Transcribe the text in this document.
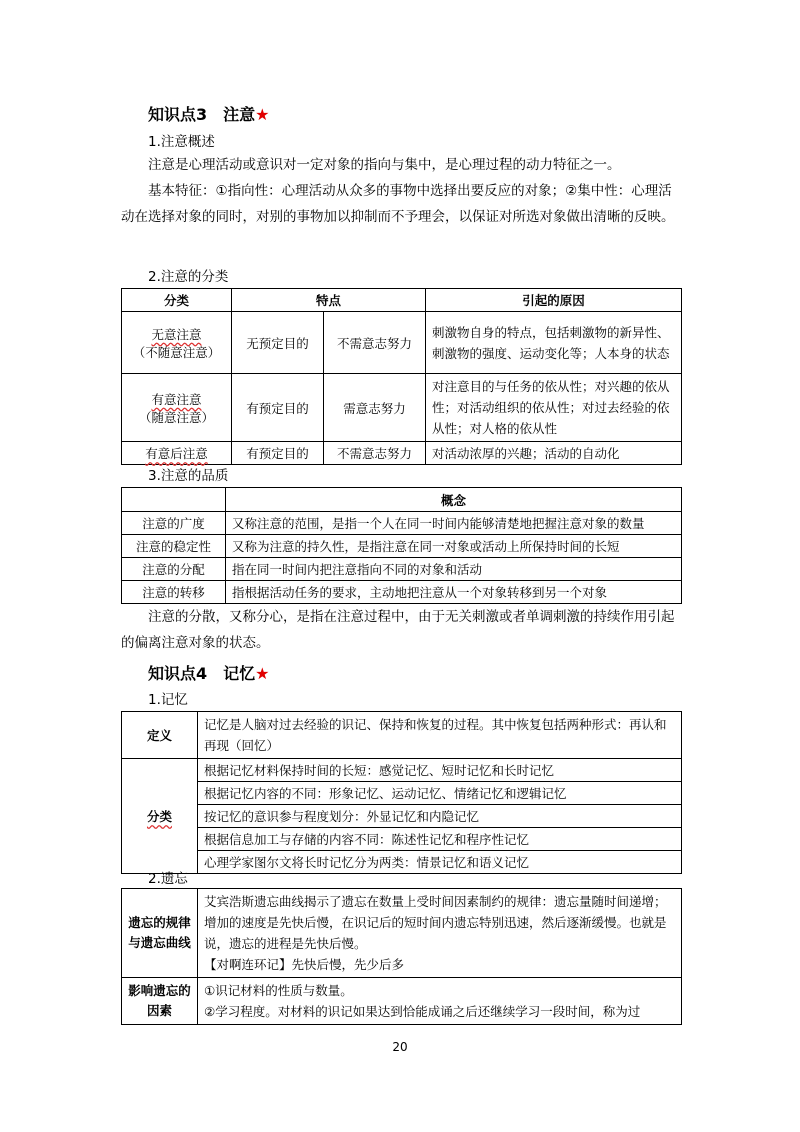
知识点3　注意★
1.注意概述
注意是心理活动或意识对一定对象的指向与集中，是心理过程的动力特征之一。
基本特征：①指向性：心理活动从众多的事物中选择出要反应的对象；②集中性：心理活动在选择对象的同时，对别的事物加以抑制而不予理会，以保证对所选对象做出清晰的反映。
2.注意的分类
分类	特点		引起的原因
无意注意
（不随意注意）	无预定目的	不需意志努力	刺激物自身的特点，包括刺激物的新异性、刺激物的强度、运动变化等；人本身的状态
有意注意
（随意注意）	有预定目的	需意志努力	对注意目的与任务的依从性；对兴趣的依从性；对活动组织的依从性；对过去经验的依从性；对人格的依从性
有意后注意	有预定目的	不需意志努力	对活动浓厚的兴趣；活动的自动化
3.注意的品质
	概念
注意的广度	又称注意的范围，是指一个人在同一时间内能够清楚地把握注意对象的数量
注意的稳定性	又称为注意的持久性，是指注意在同一对象或活动上所保持时间的长短
注意的分配	指在同一时间内把注意指向不同的对象和活动
注意的转移	指根据活动任务的要求，主动地把注意从一个对象转移到另一个对象
注意的分散，又称分心，是指在注意过程中，由于无关刺激或者单调刺激的持续作用引起的偏离注意对象的状态。
知识点4　记忆★
1.记忆
定义	记忆是人脑对过去经验的识记、保持和恢复的过程。其中恢复包括两种形式：再认和再现（回忆）
分类	根据记忆材料保持时间的长短：感觉记忆、短时记忆和长时记忆
	根据记忆内容的不同：形象记忆、运动记忆、情绪记忆和逻辑记忆
	按记忆的意识参与程度划分：外显记忆和内隐记忆
	根据信息加工与存储的内容不同：陈述性记忆和程序性记忆
	心理学家图尔文将长时记忆分为两类：情景记忆和语义记忆
2.遗忘
遗忘的规律与遗忘曲线	艾宾浩斯遗忘曲线揭示了遗忘在数量上受时间因素制约的规律：遗忘量随时间递增；增加的速度是先快后慢，在识记后的短时间内遗忘特别迅速，然后逐渐缓慢。也就是说，遗忘的进程是先快后慢。
【对啊连环记】先快后慢，先少后多

影响遗忘的因素	①识记材料的性质与数量。
②学习程度。对材料的识记如果达到恰能成诵之后还继续学习一段时间，称为过
20
